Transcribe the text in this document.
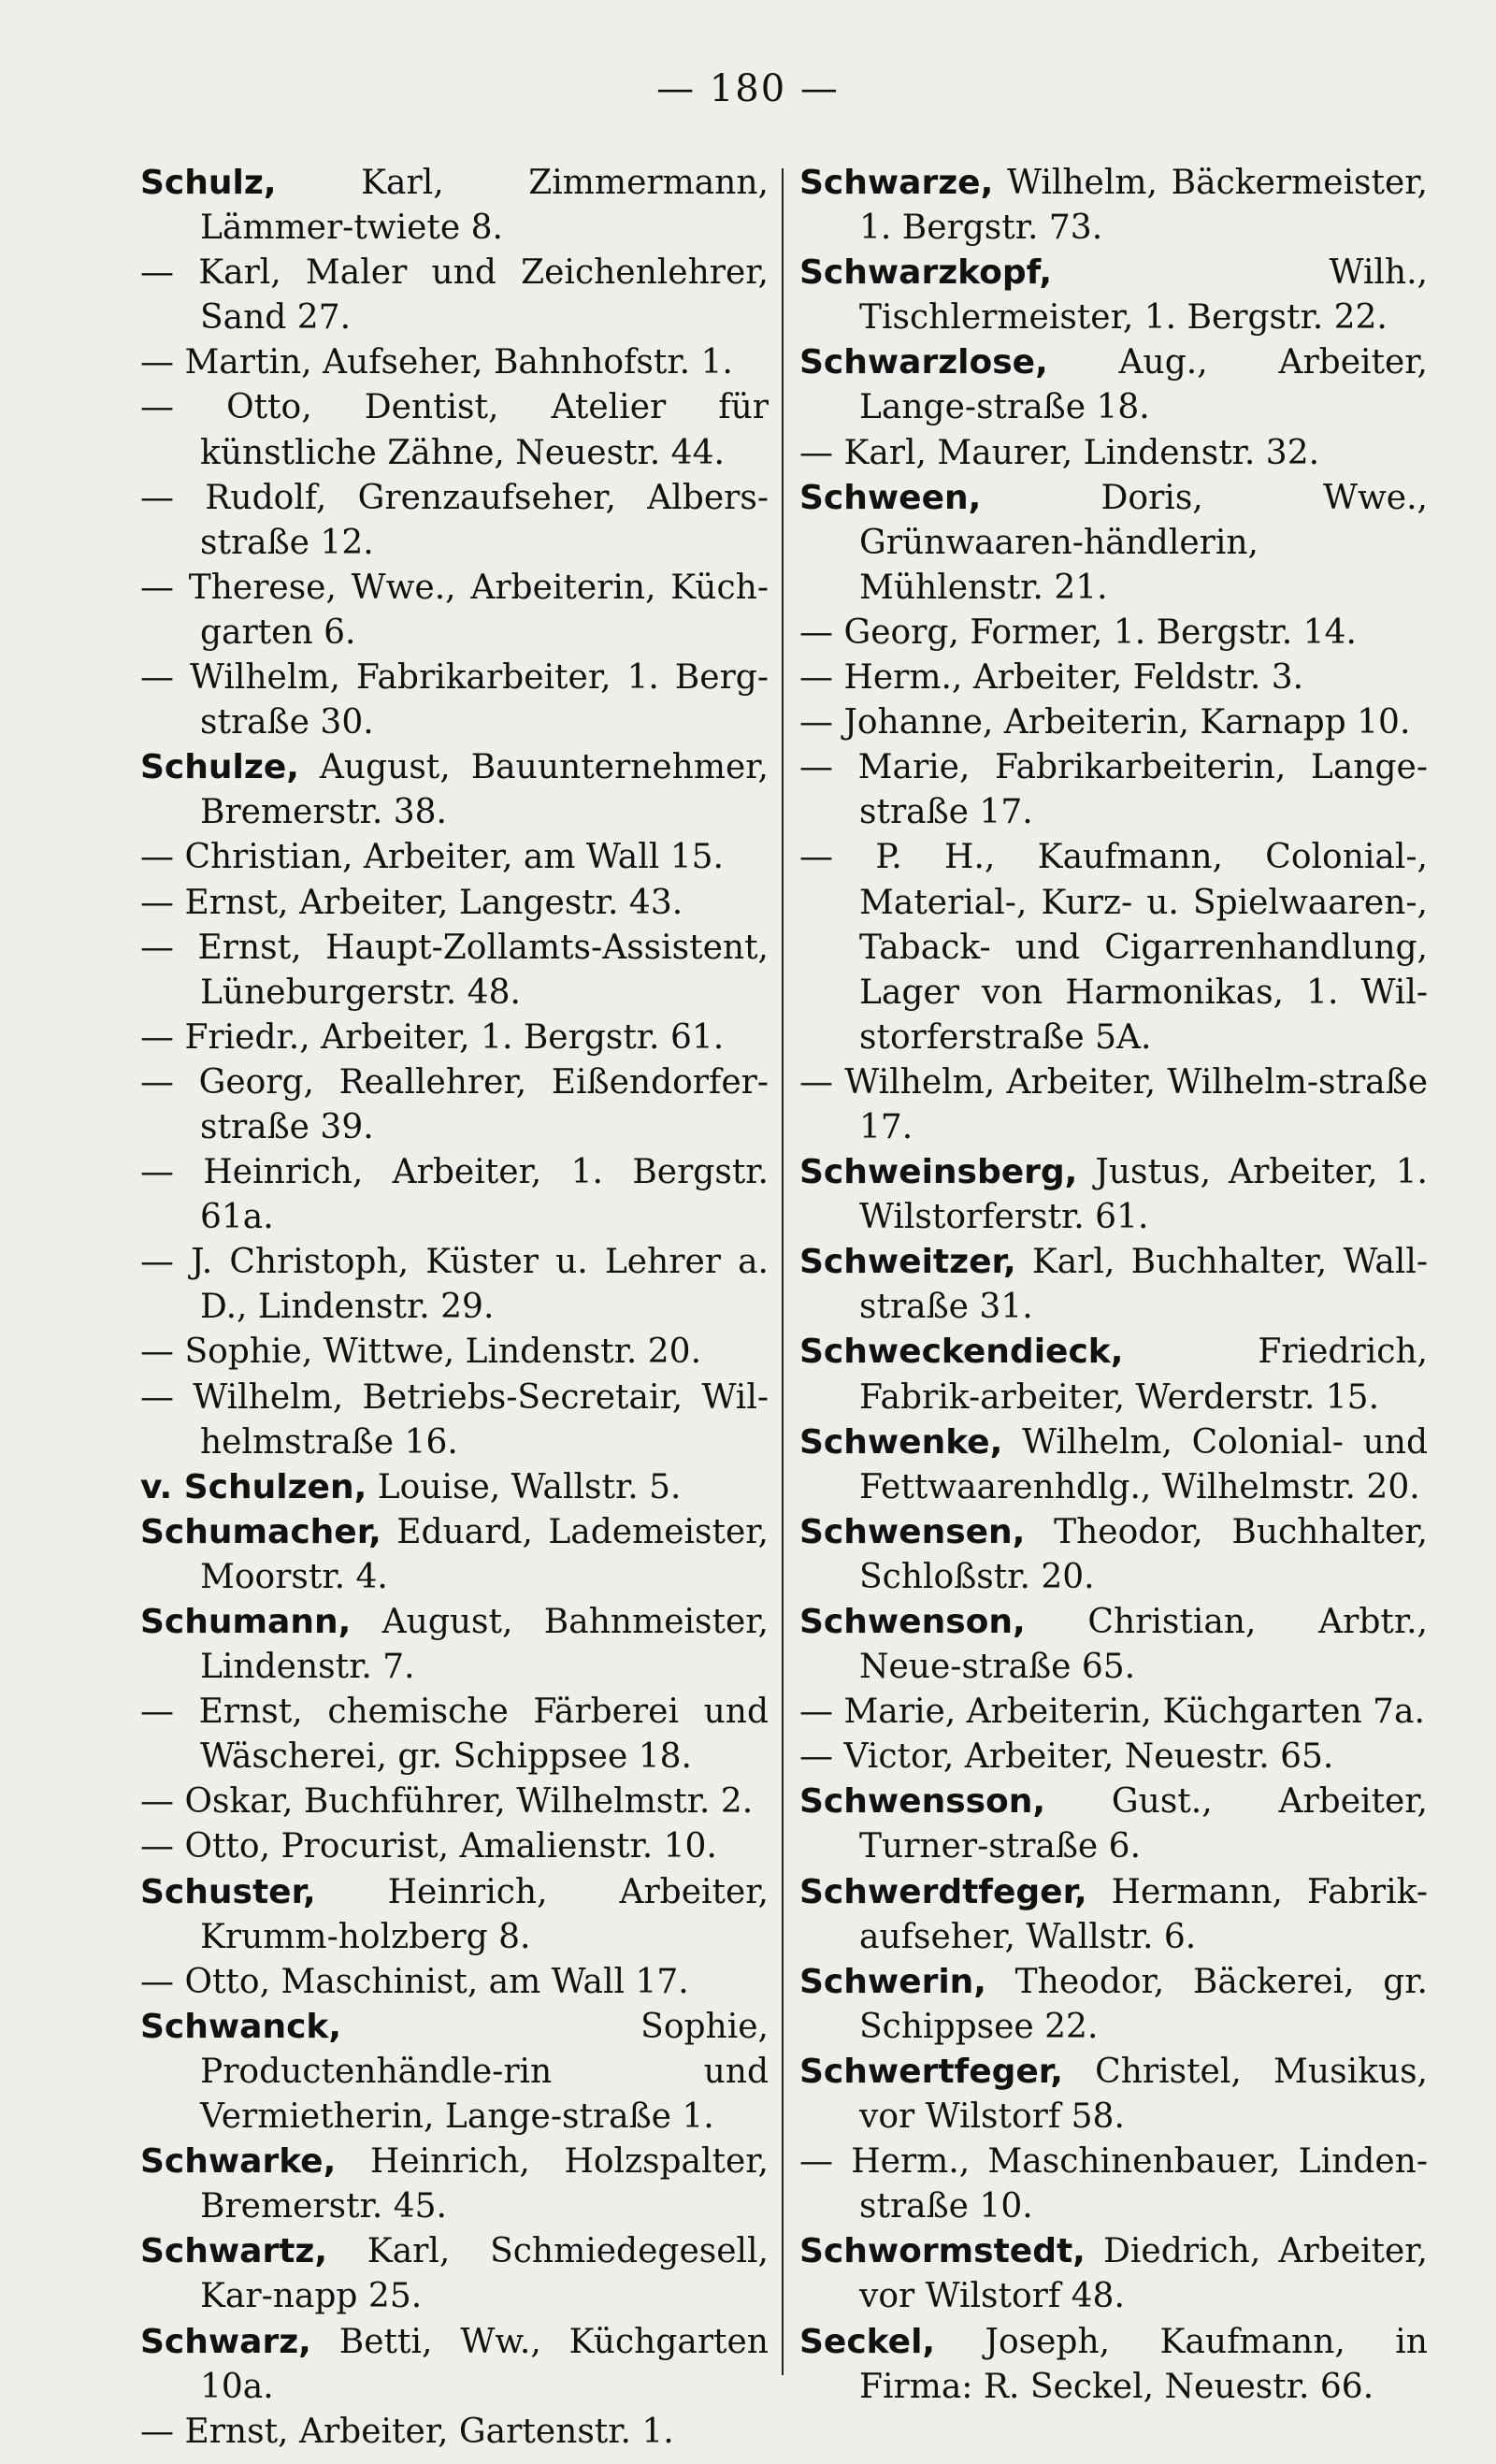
— 180 —
Schulz, Karl, Zimmermann, Lämmer-twiete 8.
— Karl, Maler und Zeichenlehrer, Sand 27.
— Martin, Aufseher, Bahnhofstr. 1.
— Otto, Dentist, Atelier für künstliche Zähne, Neuestr. 44.
— Rudolf, Grenzaufseher, Albers-straße 12.
— Therese, Wwe., Arbeiterin, Küch-garten 6.
— Wilhelm, Fabrikarbeiter, 1. Berg-straße 30.
Schulze, August, Bauunternehmer, Bremerstr. 38.
— Christian, Arbeiter, am Wall 15.
— Ernst, Arbeiter, Langestr. 43.
— Ernst, Haupt-Zollamts-Assistent, Lüneburgerstr. 48.
— Friedr., Arbeiter, 1. Bergstr. 61.
— Georg, Reallehrer, Eißendorfer-straße 39.
— Heinrich, Arbeiter, 1. Bergstr. 61a.
— J. Christoph, Küster u. Lehrer a. D., Lindenstr. 29.
— Sophie, Wittwe, Lindenstr. 20.
— Wilhelm, Betriebs-Secretair, Wil-helmstraße 16.
v. Schulzen, Louise, Wallstr. 5.
Schumacher, Eduard, Lademeister, Moorstr. 4.
Schumann, August, Bahnmeister, Lindenstr. 7.
— Ernst, chemische Färberei und Wäscherei, gr. Schippsee 18.
— Oskar, Buchführer, Wilhelmstr. 2.
— Otto, Procurist, Amalienstr. 10.
Schuster, Heinrich, Arbeiter, Krumm-holzberg 8.
— Otto, Maschinist, am Wall 17.
Schwanck, Sophie, Productenhändle-rin und Vermietherin, Lange-straße 1.
Schwarke, Heinrich, Holzspalter, Bremerstr. 45.
Schwartz, Karl, Schmiedegesell, Kar-napp 25.
Schwarz, Betti, Ww., Küchgarten 10a.
— Ernst, Arbeiter, Gartenstr. 1.
Schwarze, Wilhelm, Bäckermeister, 1. Bergstr. 73.
Schwarzkopf, Wilh., Tischlermeister, 1. Bergstr. 22.
Schwarzlose, Aug., Arbeiter, Lange-straße 18.
— Karl, Maurer, Lindenstr. 32.
Schween, Doris, Wwe., Grünwaaren-händlerin, Mühlenstr. 21.
— Georg, Former, 1. Bergstr. 14.
— Herm., Arbeiter, Feldstr. 3.
— Johanne, Arbeiterin, Karnapp 10.
— Marie, Fabrikarbeiterin, Lange-straße 17.
— P. H., Kaufmann, Colonial-, Material-, Kurz- u. Spielwaaren-, Taback- und Cigarrenhandlung, Lager von Harmonikas, 1. Wil-storferstraße 5A.
— Wilhelm, Arbeiter, Wilhelm-straße 17.
Schweinsberg, Justus, Arbeiter, 1. Wilstorferstr. 61.
Schweitzer, Karl, Buchhalter, Wall-straße 31.
Schweckendieck, Friedrich, Fabrik-arbeiter, Werderstr. 15.
Schwenke, Wilhelm, Colonial- und Fettwaarenhdlg., Wilhelmstr. 20.
Schwensen, Theodor, Buchhalter, Schloßstr. 20.
Schwenson, Christian, Arbtr., Neue-straße 65.
— Marie, Arbeiterin, Küchgarten 7a.
— Victor, Arbeiter, Neuestr. 65.
Schwensson, Gust., Arbeiter, Turner-straße 6.
Schwerdtfeger, Hermann, Fabrik-aufseher, Wallstr. 6.
Schwerin, Theodor, Bäckerei, gr. Schippsee 22.
Schwertfeger, Christel, Musikus, vor Wilstorf 58.
— Herm., Maschinenbauer, Linden-straße 10.
Schwormstedt, Diedrich, Arbeiter, vor Wilstorf 48.
Seckel, Joseph, Kaufmann, in Firma: R. Seckel, Neuestr. 66.
